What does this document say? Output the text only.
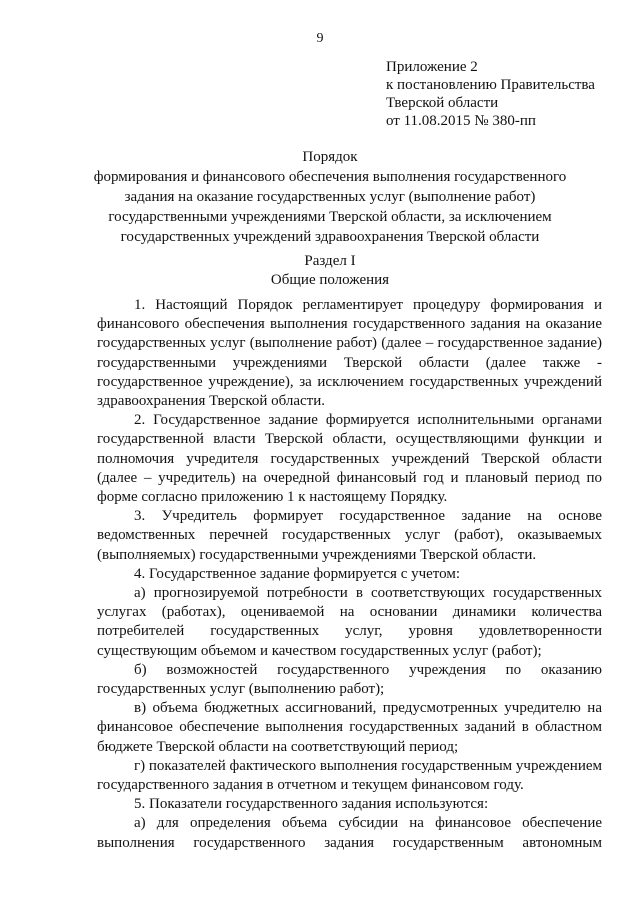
9
Приложение 2
к постановлению Правительства
Тверской области
от 11.08.2015 № 380-пп
Порядок
формирования и финансового обеспечения выполнения государственного
задания на оказание государственных услуг (выполнение работ)
государственными учреждениями Тверской области, за исключением
государственных учреждений здравоохранения Тверской области
Раздел I
Общие положения

1. Настоящий Порядок регламентирует процедуру формирования и финансового обеспечения выполнения государственного задания на оказание государственных услуг (выполнение работ) (далее – государственное задание) государственными учреждениями Тверской области (далее также - государственное учреждение), за исключением государственных учреждений здравоохранения Тверской области.

2. Государственное задание формируется исполнительными органами государственной власти Тверской области, осуществляющими функции и полномочия учредителя государственных учреждений Тверской области (далее – учредитель) на очередной финансовый год и плановый период по форме согласно приложению 1 к настоящему Порядку.

3. Учредитель формирует государственное задание на основе ведомственных перечней государственных услуг (работ), оказываемых (выполняемых) государственными учреждениями Тверской области.

4. Государственное задание формируется с учетом:

а) прогнозируемой потребности в соответствующих государственных услугах (работах), оцениваемой на основании динамики количества потребителей государственных услуг, уровня удовлетворенности существующим объемом и качеством государственных услуг (работ);

б) возможностей государственного учреждения по оказанию государственных услуг (выполнению работ);

в) объема бюджетных ассигнований, предусмотренных учредителю на финансовое обеспечение выполнения государственных заданий в областном бюджете Тверской области на соответствующий период;

г) показателей фактического выполнения государственным учреждением государственного задания в отчетном и текущем финансовом году.

5. Показатели государственного задания используются:

а) для определения объема субсидии на финансовое обеспечение выполнения государственного задания государственным автономным
